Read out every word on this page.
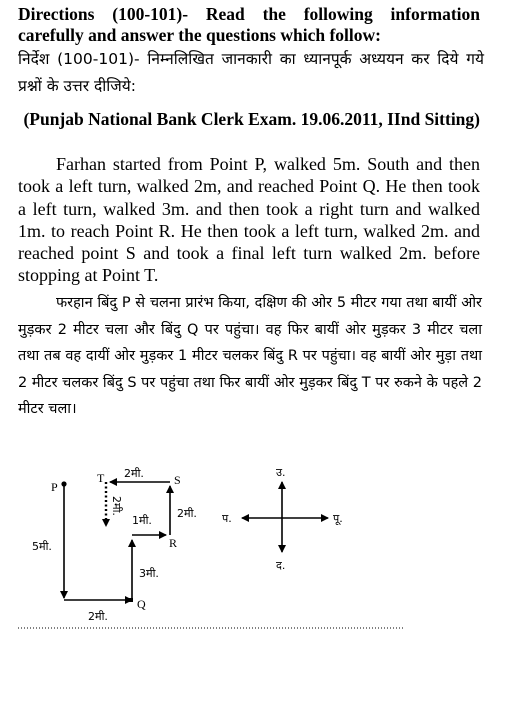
Directions (100-101)- Read the following information carefully and answer the questions which follow:
निर्देश (100-101)- निम्नलिखित जानकारी का ध्यानपूर्क अध्ययन कर दिये गये प्रश्नों के उत्तर दीजिये:
(Punjab National Bank Clerk Exam. 19.06.2011, IInd Sitting)
Farhan started from Point P, walked 5m. South and then took a left turn, walked 2m, and reached Point Q. He then took a left turn, walked 3m. and then took a right turn and walked 1m. to reach Point R. He then took a left turn, walked 2m. and reached point S and took a final left turn walked 2m. before stopping at Point T.
फरहान बिंदु P से चलना प्रारंभ किया, दक्षिण की ओर 5 मीटर गया तथा बायीं ओर मुड़कर 2 मीटर चला और बिंदु Q पर पहुंचा। वह फिर बायीं ओर मुड़कर 3 मीटर चला तथा तब वह दायीं ओर मुड़कर 1 मीटर चलकर बिंदु R पर पहुंचा। वह बायीं ओर मुड़ा तथा 2 मीटर चलकर बिंदु S पर पहुंचा तथा फिर बायीं ओर मुड़कर बिंदु T पर रुकने के पहले 2 मीटर चला।
P
Q
R
S
T
5मी.
2मी.
3मी.
1मी.
2मी.
2मी.
2मी.
उ.
द.
प.	पू.
